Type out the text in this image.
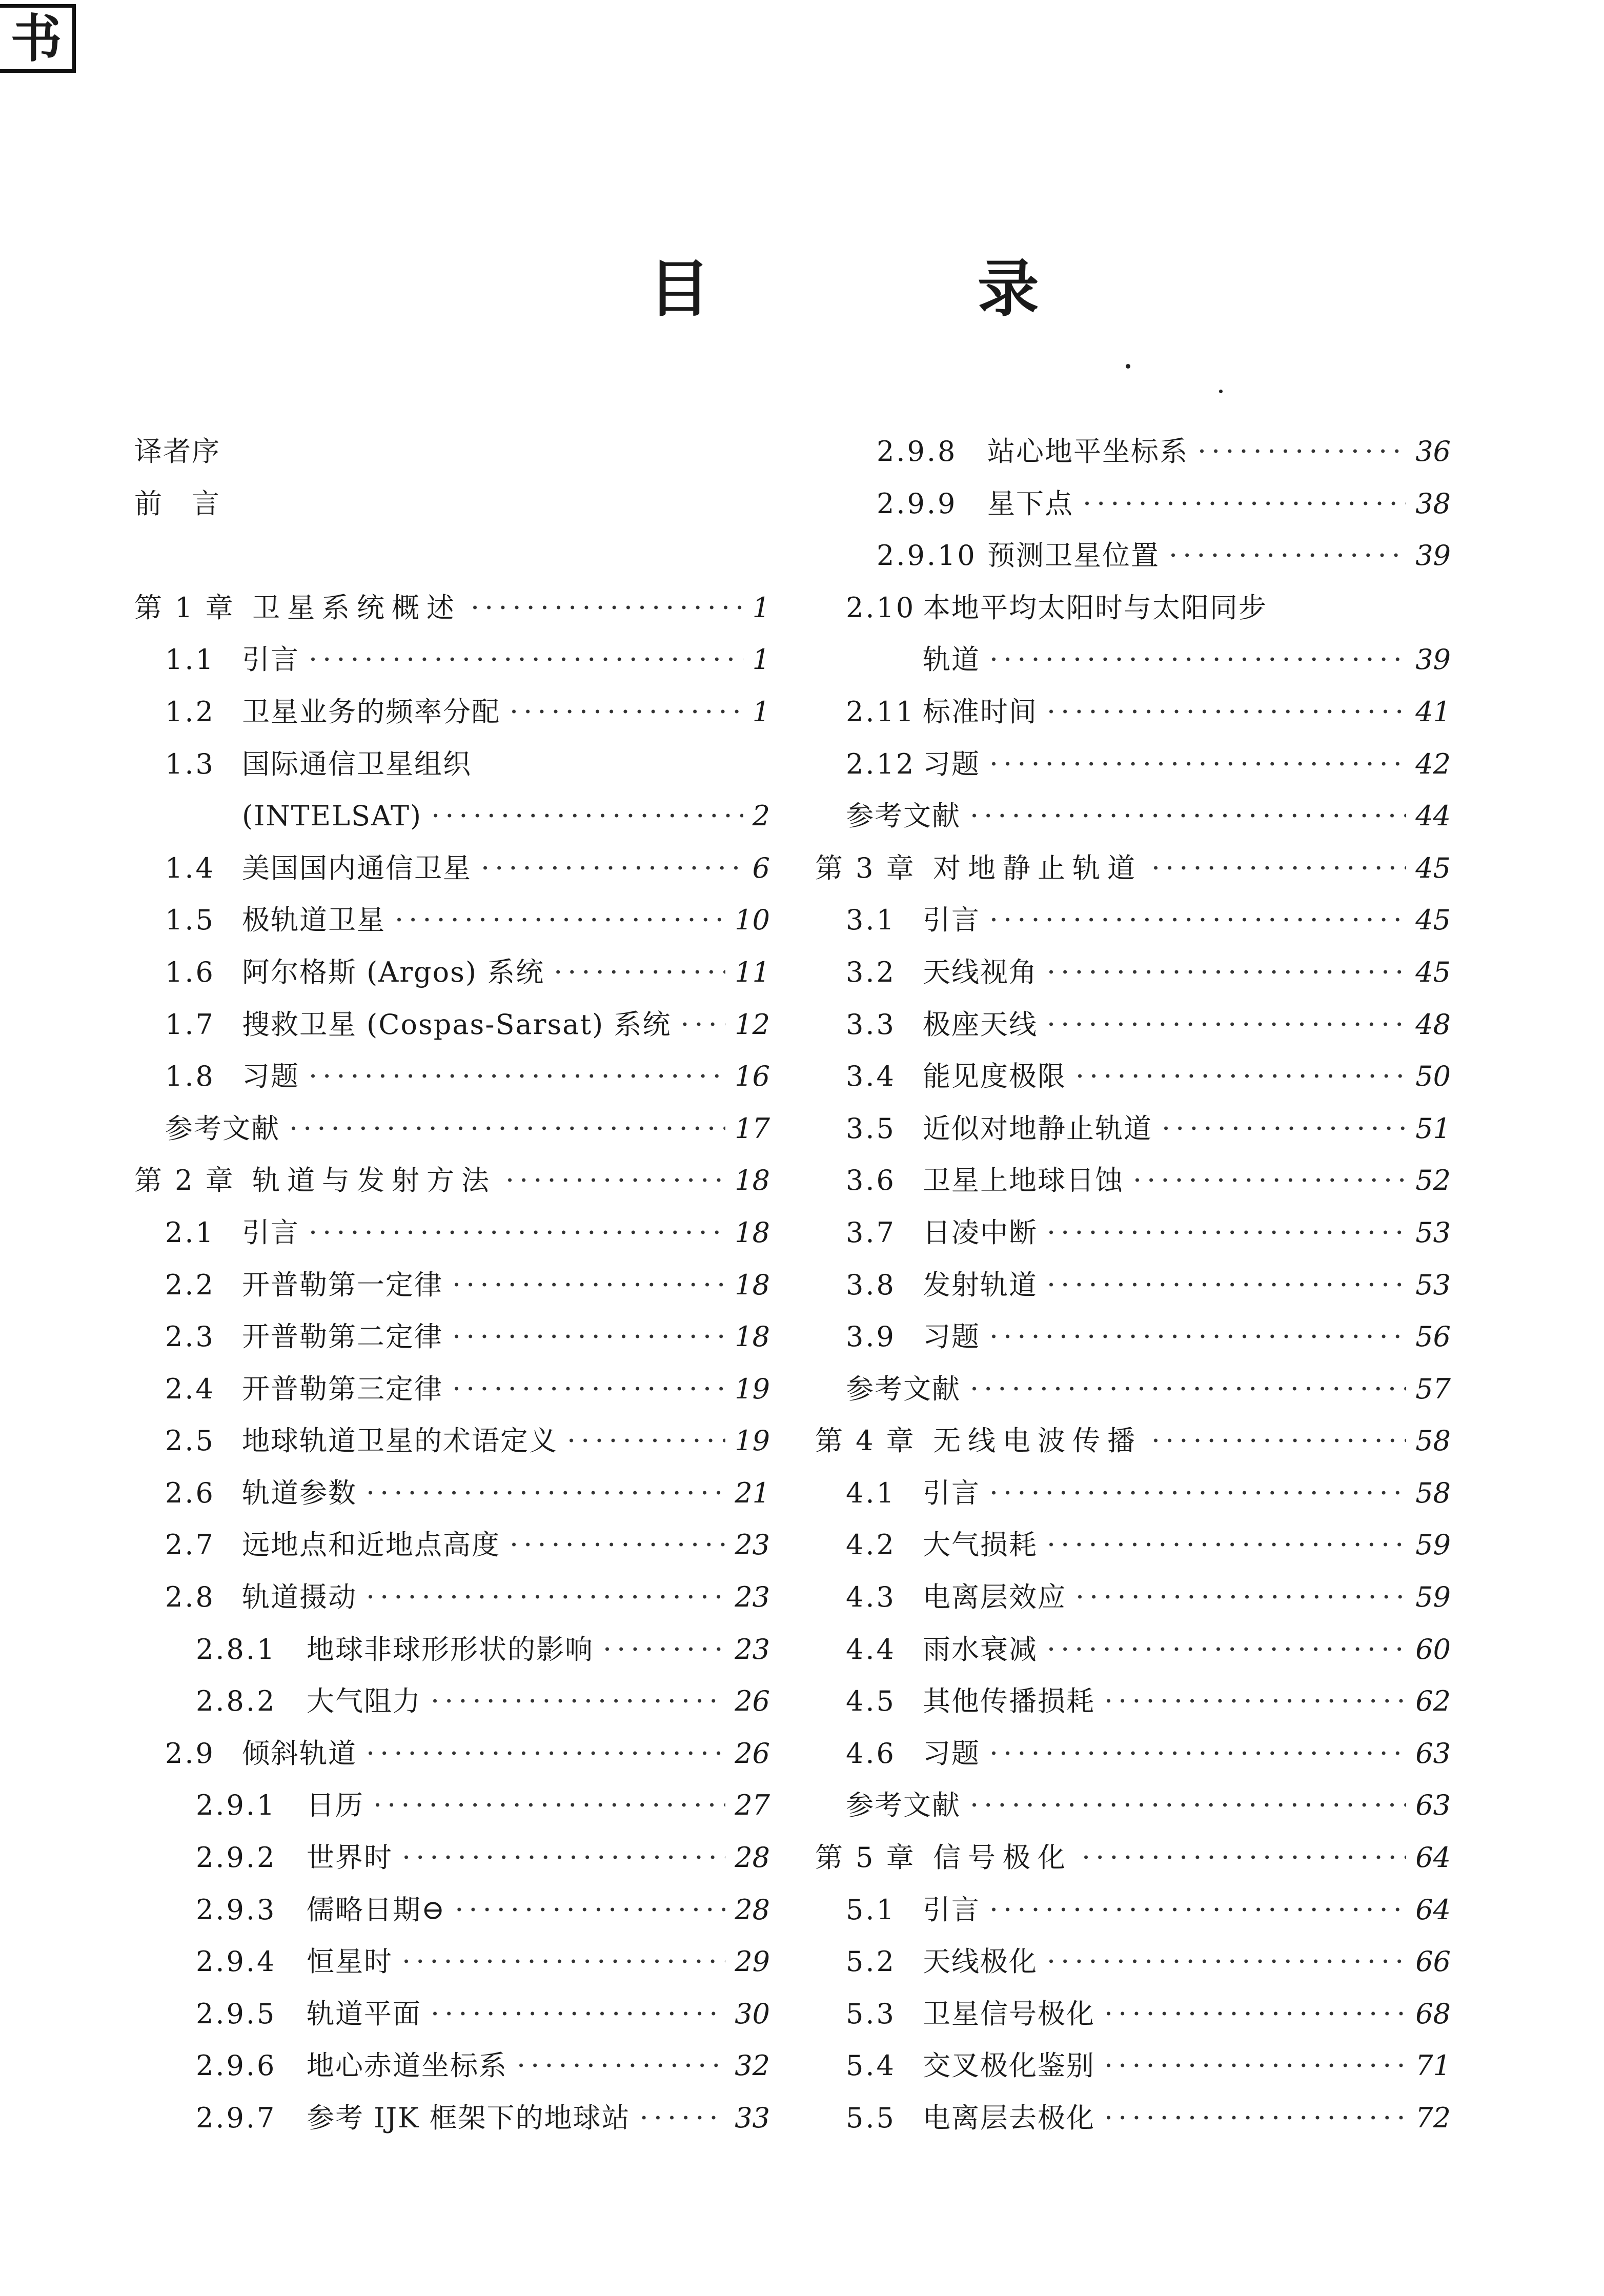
书
目 录
译者序
前　言
第 1 章 卫星系统概述 ·····	1
1.1 引言 ·····	1
1.2 卫星业务的频率分配 ·····	1
1.3 国际通信卫星组织
(INTELSAT) ·····	2
1.4 美国国内通信卫星 ·····	6
1.5 极轨道卫星 ·····	10
1.6 阿尔格斯 (Argos) 系统 ·····	11
1.7 搜救卫星 (Cospas-Sarsat) 系统 ····· 12
1.8 习题 ·····	16
参考文献 ·····	17
第 2 章 轨道与发射方法 ·····	18
2.1 引言 ·····	18
2.2 开普勒第一定律 ·····	18
2.3 开普勒第二定律 ·····	18
2.4 开普勒第三定律 ·····	19
2.5 地球轨道卫星的术语定义 ·····	19
2.6 轨道参数 ·····	21
2.7 远地点和近地点高度 ·····	23
2.8 轨道摄动 ·····	23
2.8.1 地球非球形形状的影响 ·····	23
2.8.2 大气阻力 ·····	26
2.9 倾斜轨道 ·····	26
2.9.1 日历 ·····	27
2.9.2 世界时 ·····	28
2.9.3 儒略日期⊖ ·····	28
2.9.4 恒星时 ·····	29
2.9.5 轨道平面 ·····	30
2.9.6 地心赤道坐标系 ·····	32
2.9.7 参考 IJK 框架下的地球站 ·····	33
2.9.8 站心地平坐标系 ·····	36
2.9.9 星下点 ·····	38
2.9.10 预测卫星位置 ·····	39
2.10 本地平均太阳时与太阳同步
轨道 ·····	39
2.11 标准时间 ·····	41
2.12 习题 ·····	42
参考文献 ·····	44
第 3 章 对地静止轨道 ·····	45
3.1 引言 ·····	45
3.2 天线视角 ·····	45
3.3 极座天线 ·····	48
3.4 能见度极限 ·····	50
3.5 近似对地静止轨道 ·····	51
3.6 卫星上地球日蚀 ·····	52
3.7 日凌中断 ·····	53
3.8 发射轨道 ·····	53
3.9 习题 ·····	56
参考文献 ·····	57
第 4 章 无线电波传播 ·····	58
4.1 引言 ·····	58
4.2 大气损耗 ·····	59
4.3 电离层效应 ·····	59
4.4 雨水衰减 ·····	60
4.5 其他传播损耗 ·····	62
4.6 习题 ·····	63
参考文献 ·····	63
第 5 章 信号极化 ·····	64
5.1 引言 ·····	64
5.2 天线极化 ·····	66
5.3 卫星信号极化 ·····	68
5.4 交叉极化鉴别 ·····	71
5.5 电离层去极化 ·····	72
